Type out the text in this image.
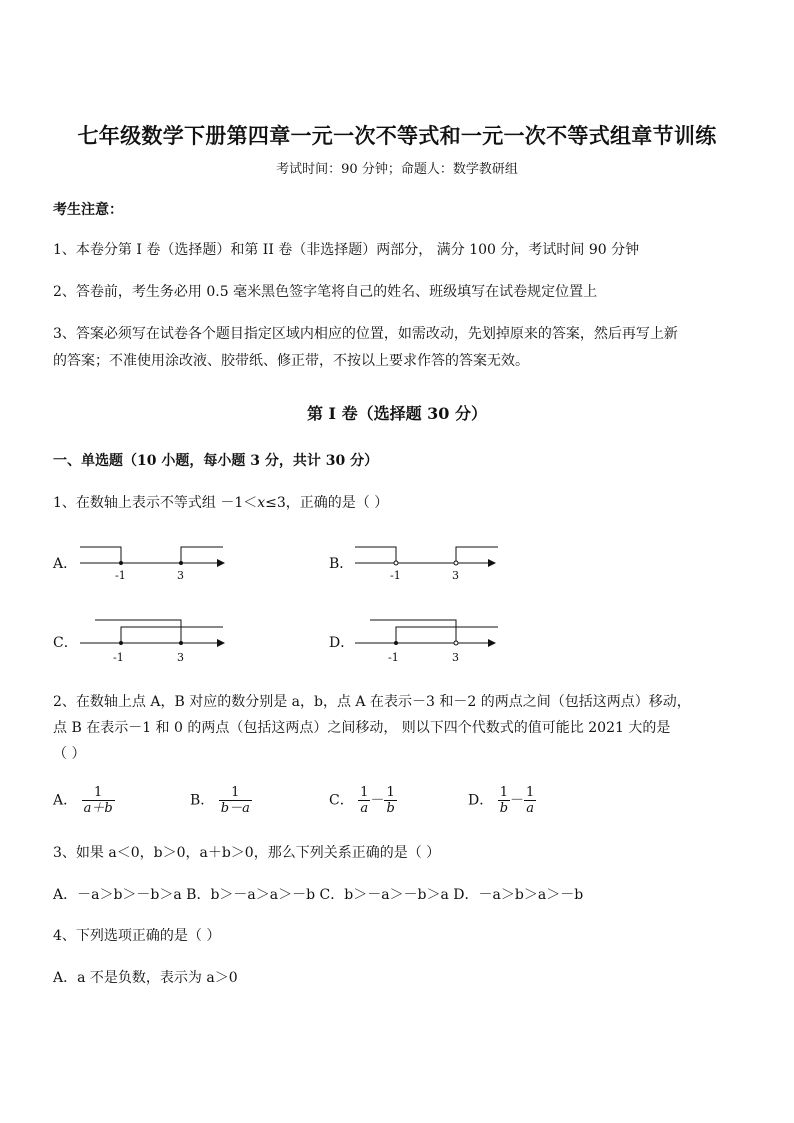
七年级数学下册第四章一元一次不等式和一元一次不等式组章节训练
考试时间：90 分钟；命题人：数学教研组
考生注意：
1、本卷分第 I 卷（选择题）和第 II 卷（非选择题）两部分， 满分 100 分，考试时间 90 分钟
2、答卷前，考生务必用 0.5 毫米黑色签字笔将自己的姓名、班级填写在试卷规定位置上
3、答案必须写在试卷各个题目指定区域内相应的位置，如需改动，先划掉原来的答案，然后再写上新
的答案；不准使用涂改液、胶带纸、修正带，不按以上要求作答的答案无效。
第 I 卷（选择题 30 分）
一、单选题（10 小题，每小题 3 分，共计 30 分）
1、在数轴上表示不等式组 －1＜𝑥≤3，正确的是（ ）
A．
-1	3
B．
-1	3
C．
-1	3
D．
-1	3
2、在数轴上点 A，B 对应的数分别是 a，b，点 A 在表示－3 和－2 的两点之间（包括这两点）移动，
点 B 在表示－1 和 0 的两点（包括这两点）之间移动， 则以下四个代数式的值可能比 2021 大的是
（ ）
A． $\frac{1}{a+b}$	B． $\frac{1}{b-a}$	C． $\frac{1}{a} - \frac{1}{b}$	D． $\frac{1}{b} - \frac{1}{a}$
3、如果 a＜0，b＞0，a＋b＞0，那么下列关系正确的是（ ）
A．－a＞b＞－b＞a B．b＞－a＞a＞－b C．b＞－a＞－b＞a D．－a＞b＞a＞－b
4、下列选项正确的是（ ）
A．a 不是负数，表示为 a＞0
